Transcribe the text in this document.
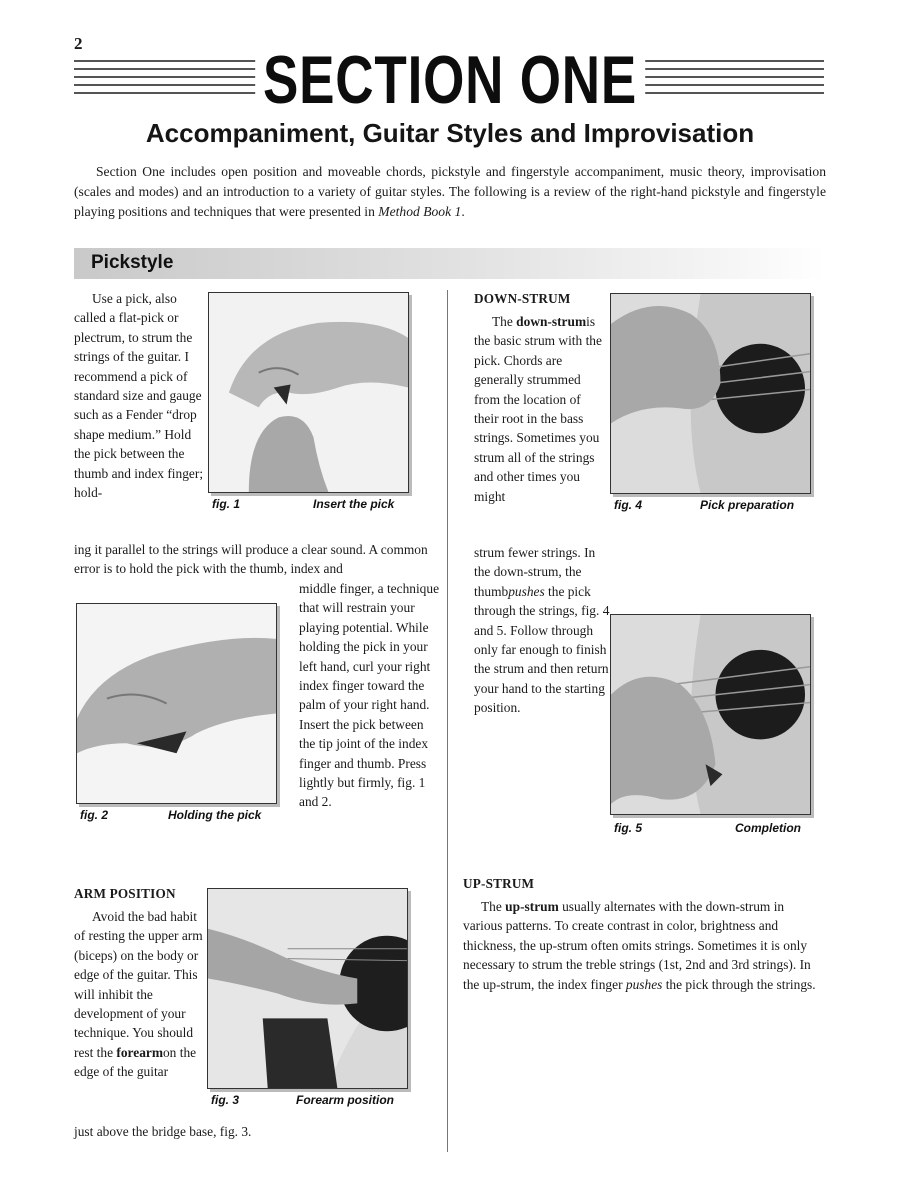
2	SECTION ONE
Accompaniment, Guitar Styles and Improvisation
Section One includes open position and moveable chords, pickstyle and fingerstyle accompaniment, music theory, improvisation (scales and modes) and an introduction to a variety of guitar styles. The following is a review of the right-hand pickstyle and fingerstyle playing positions and techniques that were presented in Method Book 1.
Pickstyle

Use a pick, also called a flat-pick or plectrum, to strum the strings of the guitar. I recommend a pick of standard size and gauge such as a Fender “drop shape medium.” Hold the pick between the thumb and index finger; hold-

ing it parallel to the strings will produce a clear sound. A common error is to hold the pick with the thumb, index and

middle finger, a technique that will restrain your playing potential. While holding the pick in your left hand, curl your right index finger toward the palm of your right hand. Insert the pick between the tip joint of the index finger and thumb. Press lightly but firmly, fig. 1 and 2.

fig. 1	Insert the pick
fig. 2	Holding the pick
ARM POSITION

Avoid the bad habit of resting the upper arm (biceps) on the body or edge of the guitar. This will inhibit the development of your technique. You should rest the forearmon the edge of the guitar

just above the bridge base, fig. 3.

fig. 3	Forearm position
DOWN-STRUM

The down-strumis the basic strum with the pick. Chords are generally strummed from the location of their root in the bass strings. Sometimes you strum all of the strings and other times you might

fig. 4	Pick preparation

strum fewer strings. In the down-strum, the thumbpushes the pick through the strings, fig. 4 and 5. Follow through only far enough to finish the strum and then return your hand to the starting position.

fig. 5	Completion
UP-STRUM

The up-strum usually alternates with the down-strum in various patterns. To create contrast in color, brightness and thickness, the up-strum often omits strings. Sometimes it is only necessary to strum the treble strings (1st, 2nd and 3rd strings). In the up-strum, the index finger pushes the pick through the strings.
